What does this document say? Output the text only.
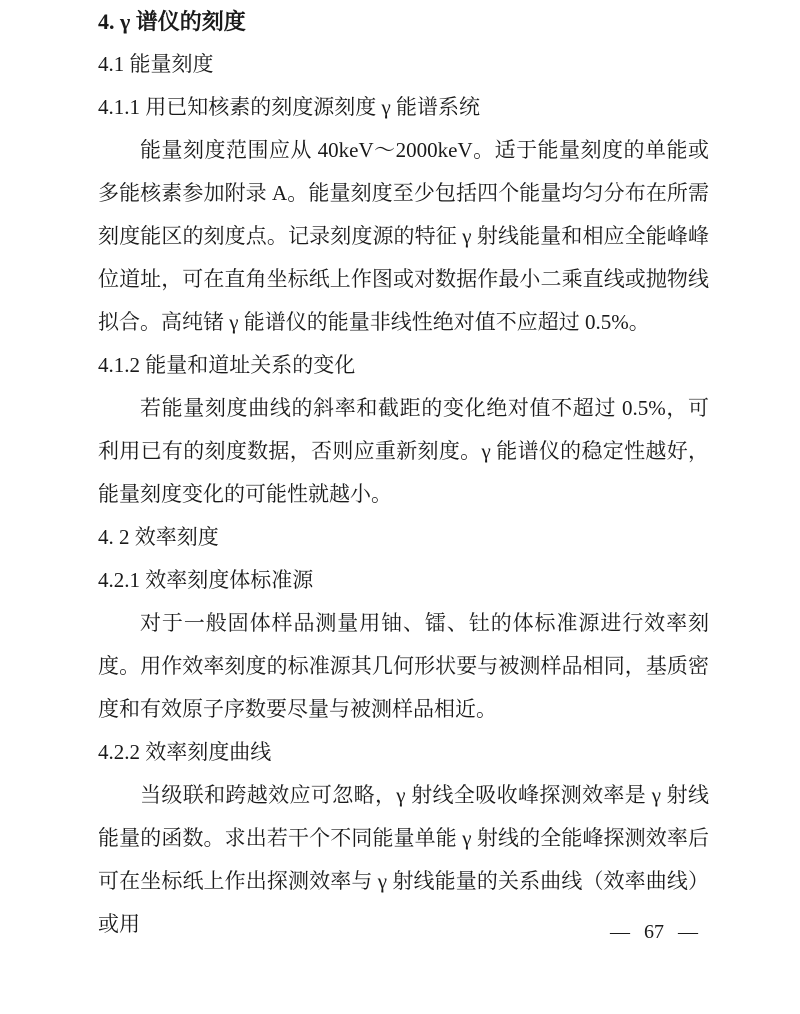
4. γ 谱仪的刻度
4.1 能量刻度
4.1.1 用已知核素的刻度源刻度 γ 能谱系统
能量刻度范围应从 40keV～2000keV。适于能量刻度的单能或多能核素参加附录 A。能量刻度至少包括四个能量均匀分布在所需刻度能区的刻度点。记录刻度源的特征 γ 射线能量和相应全能峰峰位道址，可在直角坐标纸上作图或对数据作最小二乘直线或抛物线拟合。高纯锗 γ 能谱仪的能量非线性绝对值不应超过 0.5%。
4.1.2 能量和道址关系的变化
若能量刻度曲线的斜率和截距的变化绝对值不超过 0.5%，可利用已有的刻度数据，否则应重新刻度。γ 能谱仪的稳定性越好，能量刻度变化的可能性就越小。
4. 2 效率刻度
4.2.1 效率刻度体标准源
对于一般固体样品测量用铀、镭、钍的体标准源进行效率刻度。用作效率刻度的标准源其几何形状要与被测样品相同，基质密度和有效原子序数要尽量与被测样品相近。
4.2.2 效率刻度曲线
当级联和跨越效应可忽略，γ 射线全吸收峰探测效率是 γ 射线能量的函数。求出若干个不同能量单能 γ 射线的全能峰探测效率后可在坐标纸上作出探测效率与 γ 射线能量的关系曲线（效率曲线）或用	— 67 —
